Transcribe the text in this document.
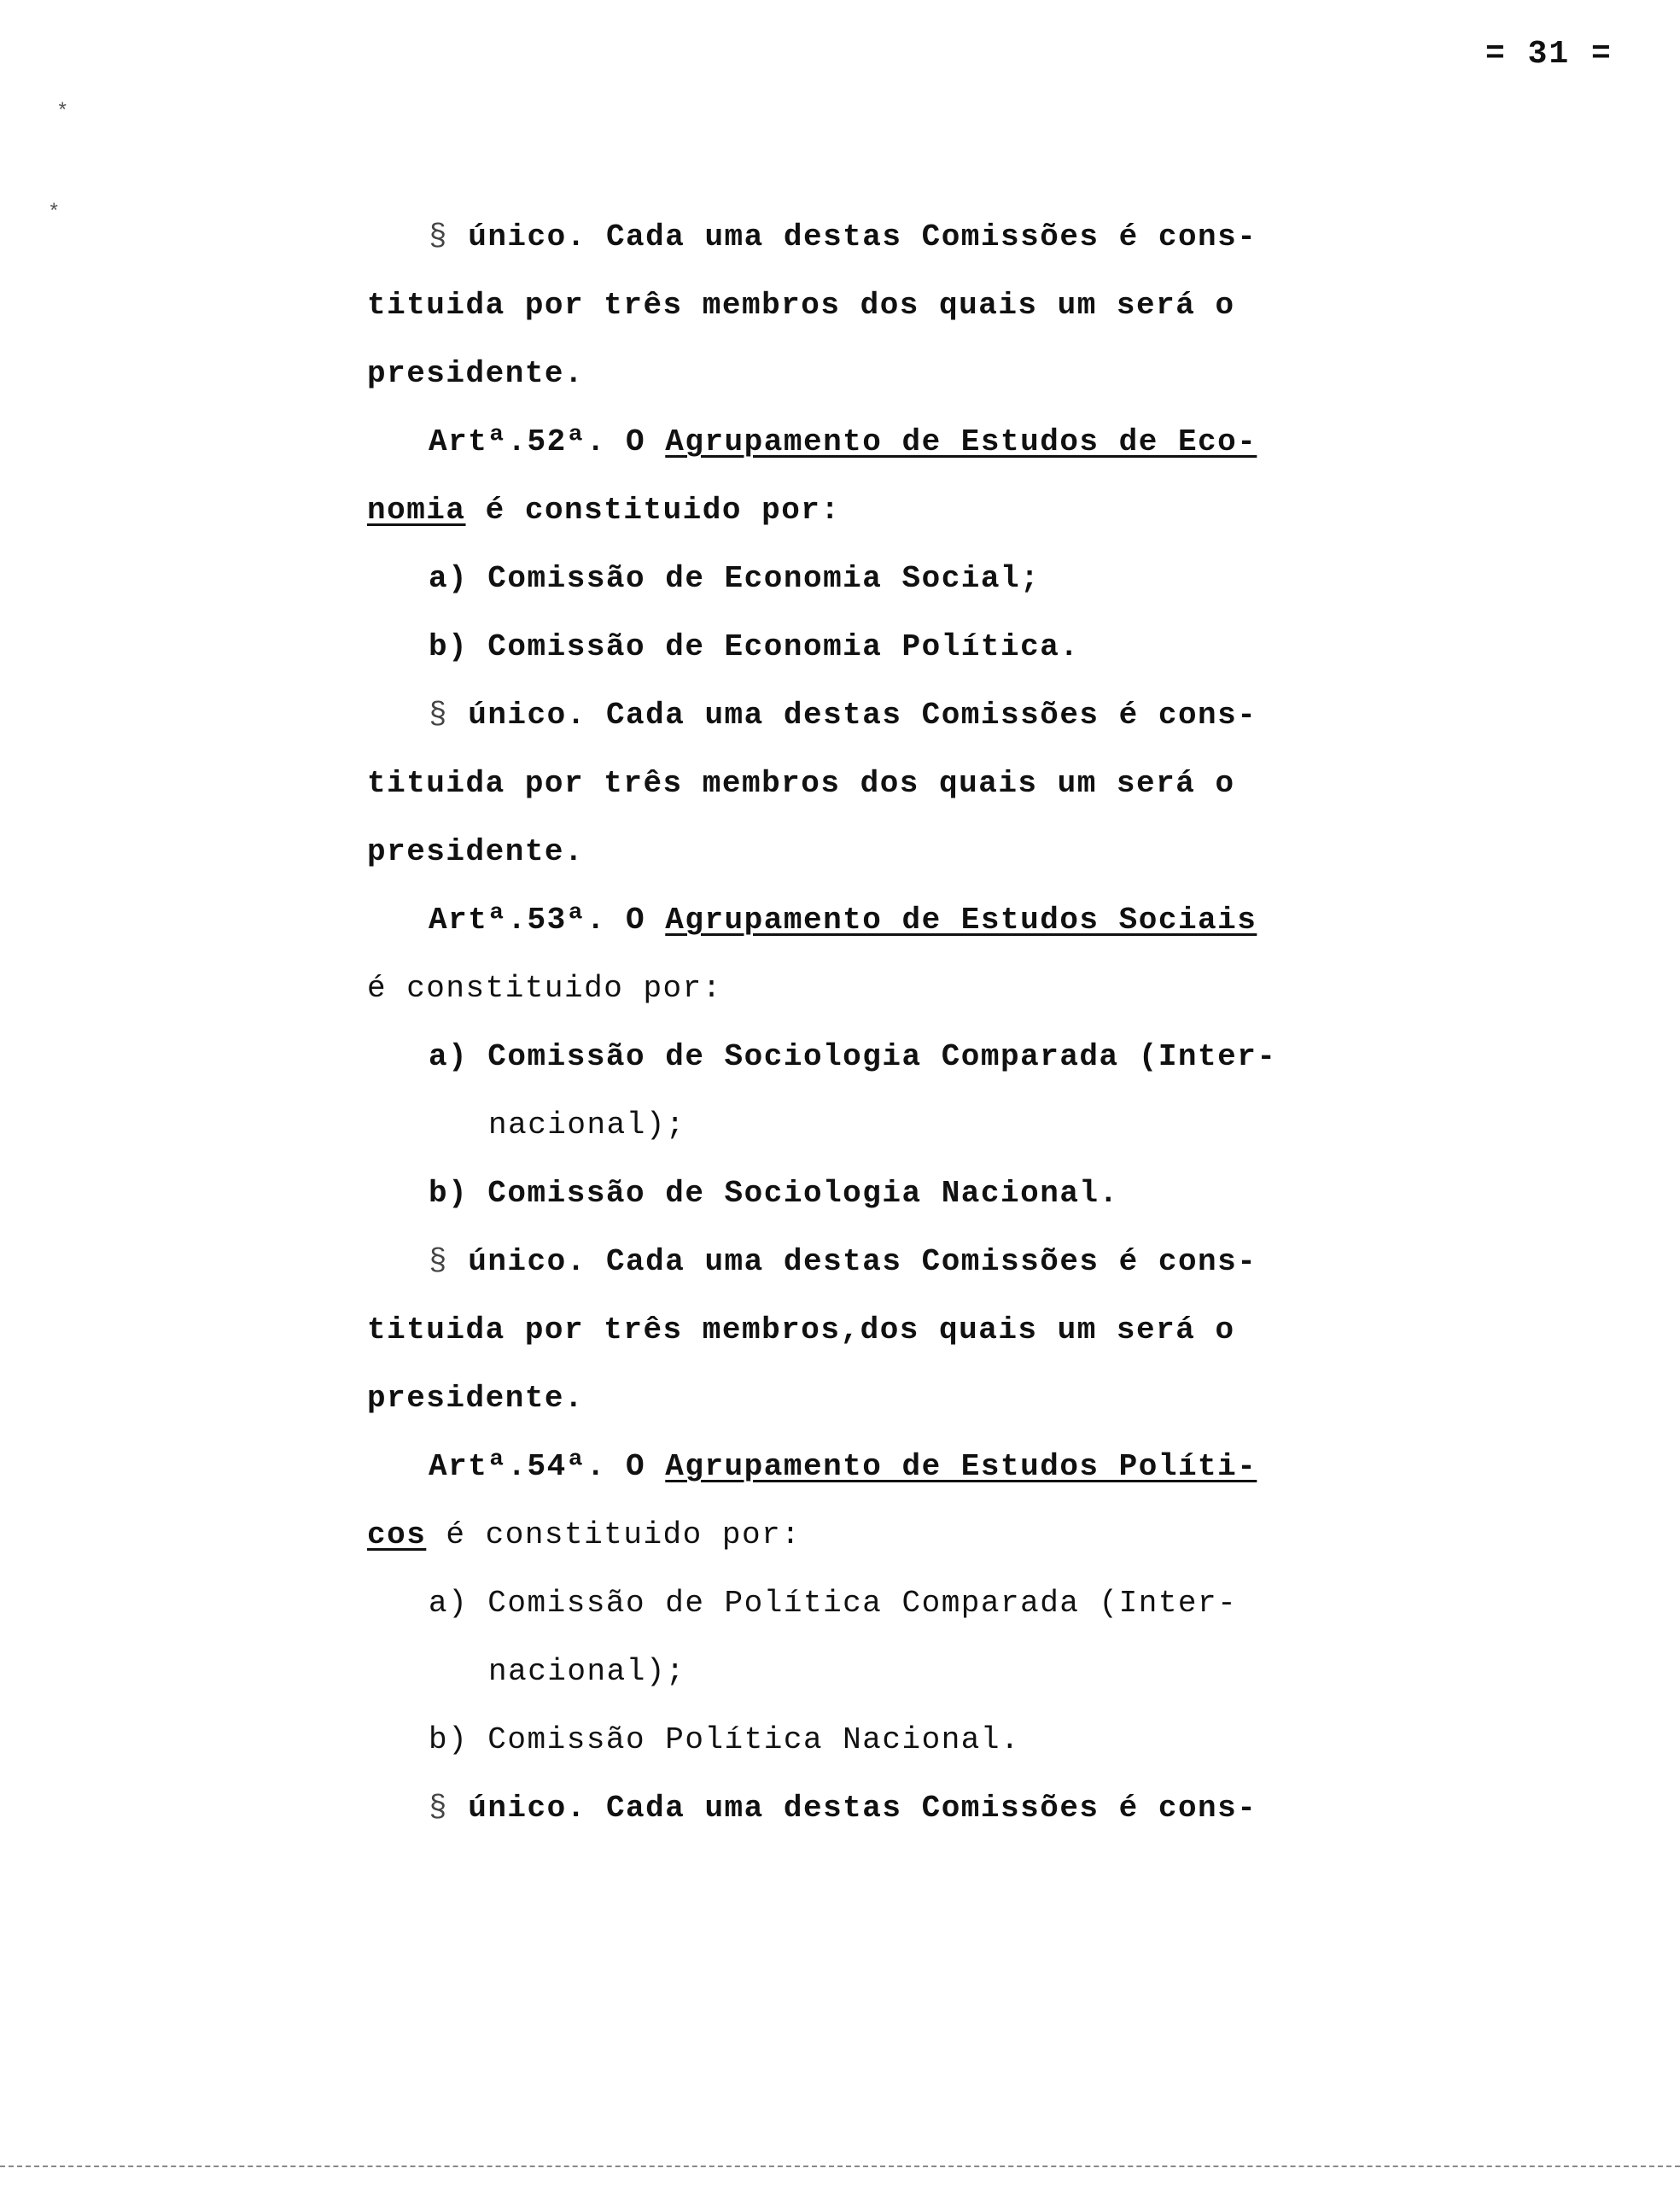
= 31 =
*
*
§ único. Cada uma destas Comissões é cons-
tituida por três membros dos quais um será o
presidente.
Artª.52ª. O Agrupamento de Estudos de Eco-
nomia é constituido por:
a) Comissão de Economia Social;
b) Comissão de Economia Política.
§ único. Cada uma destas Comissões é cons-
tituida por três membros dos quais um será o
presidente.
Artª.53ª. O Agrupamento de Estudos Sociais
é constituido por:
a) Comissão de Sociologia Comparada (Inter-
nacional);
b) Comissão de Sociologia Nacional.
§ único. Cada uma destas Comissões é cons-
tituida por três membros,dos quais um será o
presidente.
Artª.54ª. O Agrupamento de Estudos Políti-
cos é constituido por:
a) Comissão de Política Comparada (Inter-
nacional);
b) Comissão Política Nacional.
§ único. Cada uma destas Comissões é cons-
